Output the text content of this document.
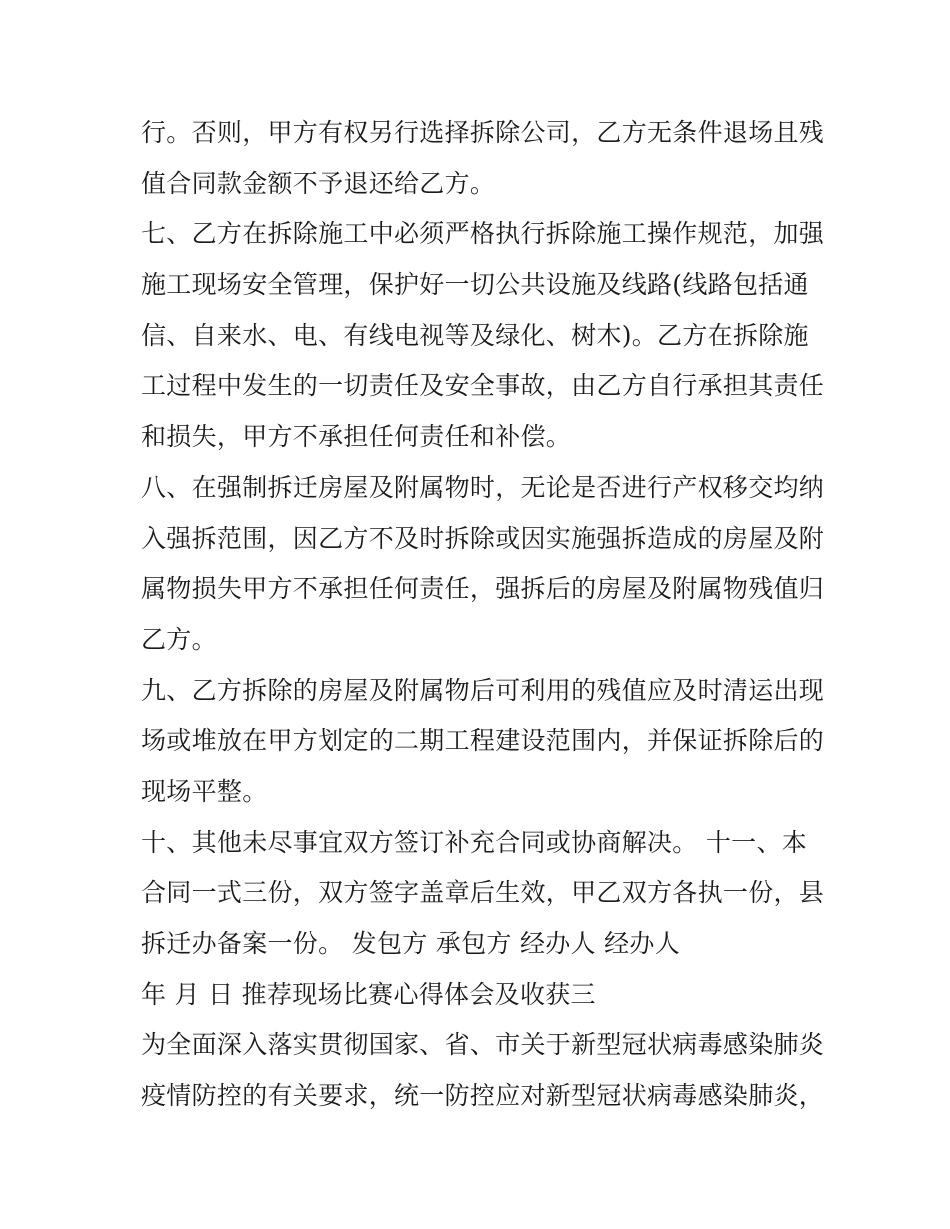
行。否则，甲方有权另行选择拆除公司，乙方无条件退场且残
值合同款金额不予退还给乙方。
七、乙方在拆除施工中必须严格执行拆除施工操作规范，加强
施工现场安全管理，保护好一切公共设施及线路(线路包括通
信、自来水、电、有线电视等及绿化、树木)。乙方在拆除施
工过程中发生的一切责任及安全事故，由乙方自行承担其责任
和损失，甲方不承担任何责任和补偿。
八、在强制拆迁房屋及附属物时，无论是否进行产权移交均纳
入强拆范围，因乙方不及时拆除或因实施强拆造成的房屋及附
属物损失甲方不承担任何责任，强拆后的房屋及附属物残值归
乙方。
九、乙方拆除的房屋及附属物后可利用的残值应及时清运出现
场或堆放在甲方划定的二期工程建设范围内，并保证拆除后的
现场平整。
十、其他未尽事宜双方签订补充合同或协商解决。 十一、本
合同一式三份，双方签字盖章后生效，甲乙双方各执一份，县
拆迁办备案一份。 发包方 承包方 经办人 经办人
年 月 日 推荐现场比赛心得体会及收获三
为全面深入落实贯彻国家、省、市关于新型冠状病毒感染肺炎
疫情防控的有关要求，统一防控应对新型冠状病毒感染肺炎，
